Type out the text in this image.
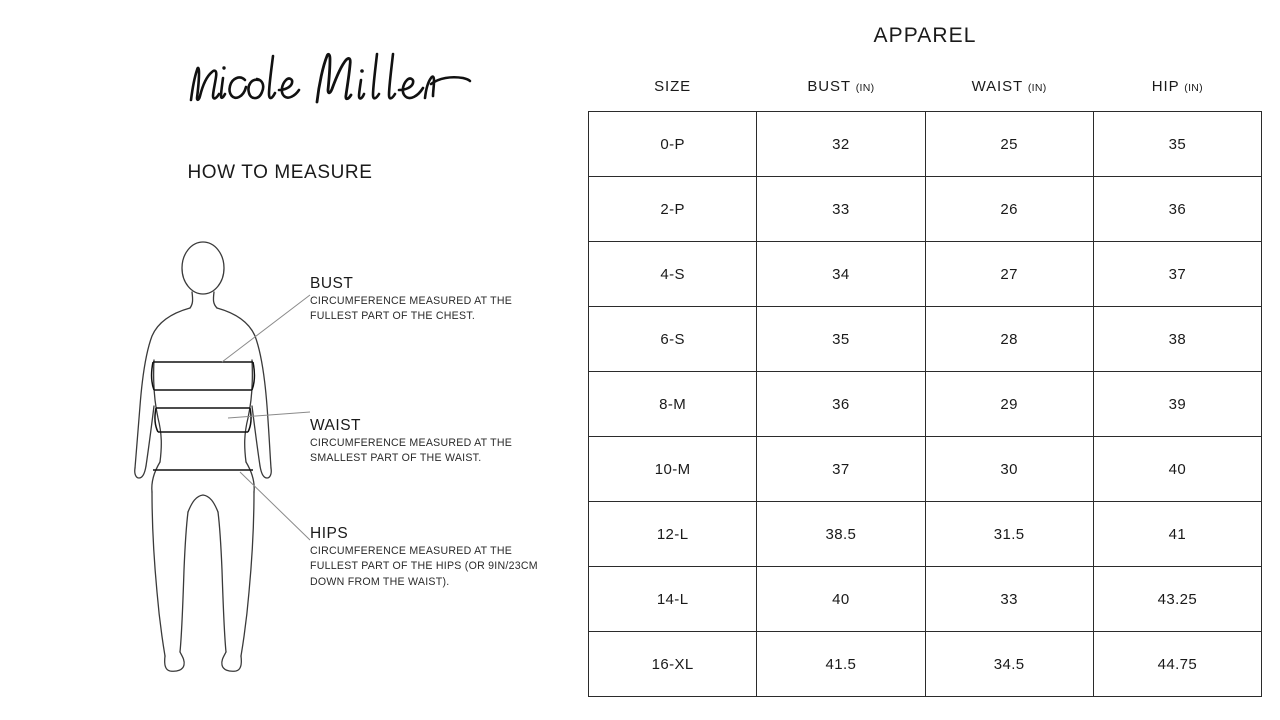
HOW TO MEASURE
BUST
CIRCUMFERENCE MEASURED AT THE FULLEST PART OF THE CHEST.
WAIST
CIRCUMFERENCE MEASURED AT THE SMALLEST PART OF THE WAIST.
HIPS
CIRCUMFERENCE MEASURED AT THE FULLEST PART OF THE HIPS (OR 9IN/23CM DOWN FROM THE WAIST).
APPAREL
SIZE	BUST (IN)	WAIST (IN)	HIP (IN)
0-P	32	25	35
2-P	33	26	36
4-S	34	27	37
6-S	35	28	38
8-M	36	29	39
10-M	37	30	40
12-L	38.5	31.5	41
14-L	40	33	43.25
16-XL	41.5	34.5	44.75
